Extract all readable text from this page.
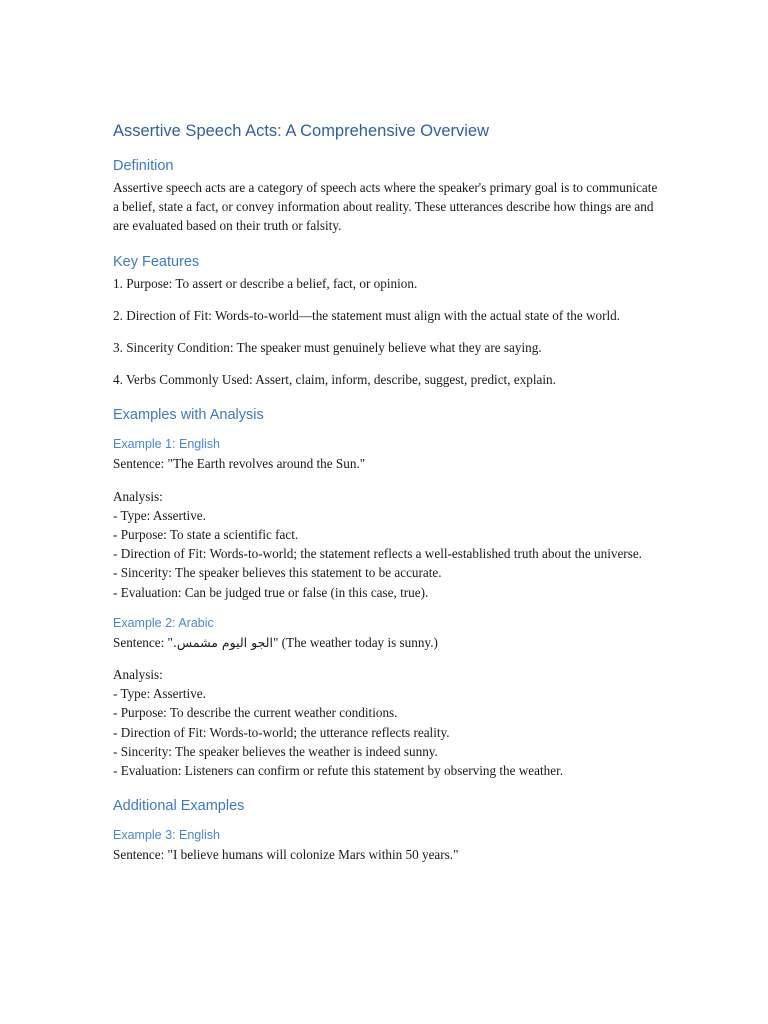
Assertive Speech Acts: A Comprehensive Overview
Definition

Assertive speech acts are a category of speech acts where the speaker's primary goal is to communicate a belief, state a fact, or convey information about reality. These utterances describe how things are and are evaluated based on their truth or falsity.

Key Features

1. Purpose: To assert or describe a belief, fact, or opinion.

2. Direction of Fit: Words-to-world—the statement must align with the actual state of the world.

3. Sincerity Condition: The speaker must genuinely believe what they are saying.

4. Verbs Commonly Used: Assert, claim, inform, describe, suggest, predict, explain.

Examples with Analysis
Example 1: English

Sentence: "The Earth revolves around the Sun."

Analysis:
- Type: Assertive.
- Purpose: To state a scientific fact.
- Direction of Fit: Words-to-world; the statement reflects a well-established truth about the universe.
- Sincerity: The speaker believes this statement to be accurate.
- Evaluation: Can be judged true or false (in this case, true).
Example 2: Arabic

Sentence: "الجو اليوم مشمس." (The weather today is sunny.)

Analysis:
- Type: Assertive.
- Purpose: To describe the current weather conditions.
- Direction of Fit: Words-to-world; the utterance reflects reality.
- Sincerity: The speaker believes the weather is indeed sunny.
- Evaluation: Listeners can confirm or refute this statement by observing the weather.
Additional Examples
Example 3: English

Sentence: "I believe humans will colonize Mars within 50 years."
